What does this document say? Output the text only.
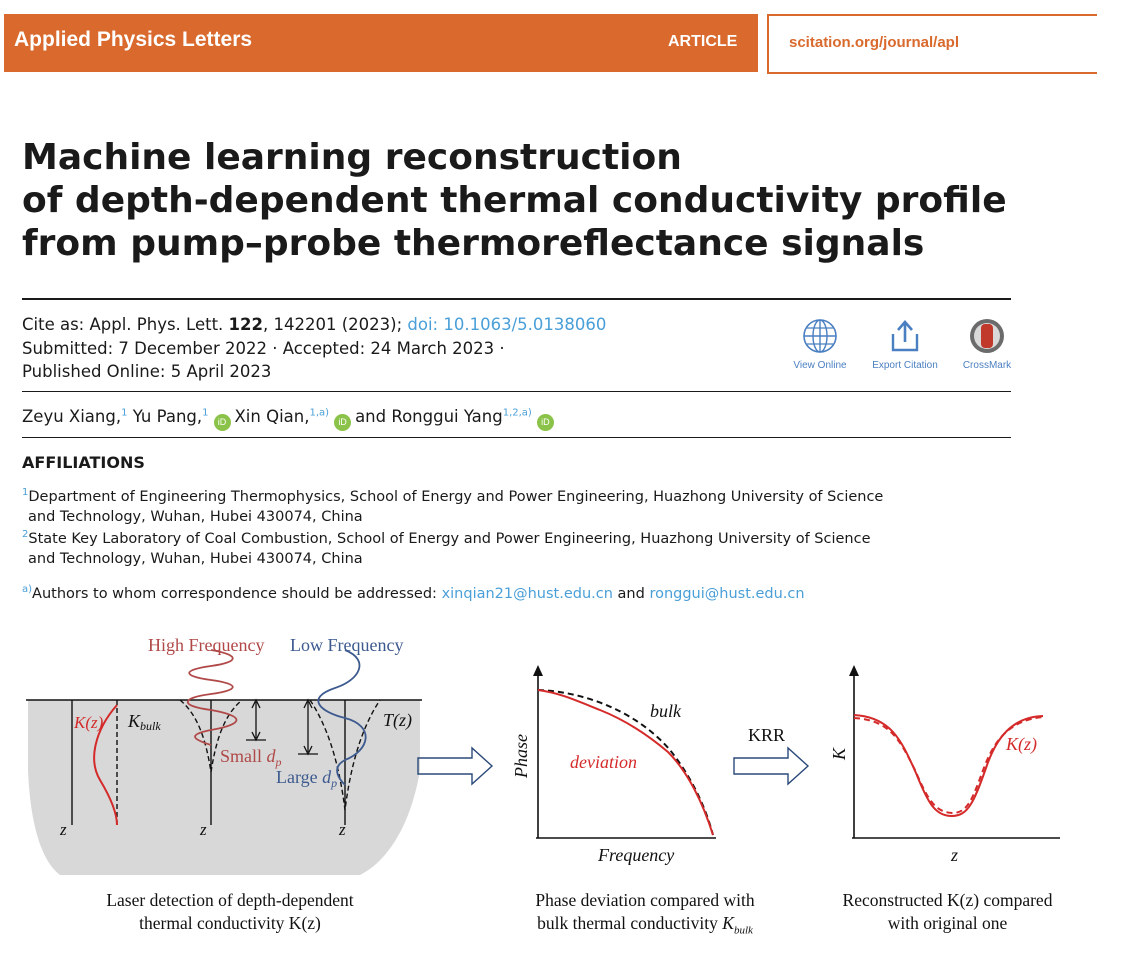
Applied Physics Letters	ARTICLE	scitation.org/journal/apl
Machine learning reconstruction
of depth-dependent thermal conductivity profile
from pump–probe thermoreflectance signals
Cite as: Appl. Phys. Lett. 122, 142201 (2023); doi: 10.1063/5.0138060
Submitted: 7 December 2022 · Accepted: 24 March 2023 ·
Published Online: 5 April 2023	View Online	Export Citation	CrossMark
Zeyu Xiang,$^1$ Yu Pang,$^1$iD Xin Qian,$^{1,a)}$iD and Ronggui Yang$^{1,2,a)}$iD
AFFILIATIONS
$^1$Department of Engineering Thermophysics, School of Energy and Power Engineering, Huazhong University of Science
and Technology, Wuhan, Hubei 430074, China
$^2$State Key Laboratory of Coal Combustion, School of Energy and Power Engineering, Huazhong University of Science
and Technology, Wuhan, Hubei 430074, China
$^{a)}$Authors to whom correspondence should be addressed: xinqian21@hust.edu.cn and ronggui@hust.edu.cn
High Frequency Low Frequency
K(z) Kbulk	T(z)
Small $d_p$
Large $d_p$
z	z	z
bulk
deviation
Phase
Frequency
KRR	K(z)
K
z
Laser detection of depth-dependent
thermal conductivity K(z)
Phase deviation compared with
bulk thermal conductivity $K_{bulk}$
Reconstructed K(z) compared
with original one
